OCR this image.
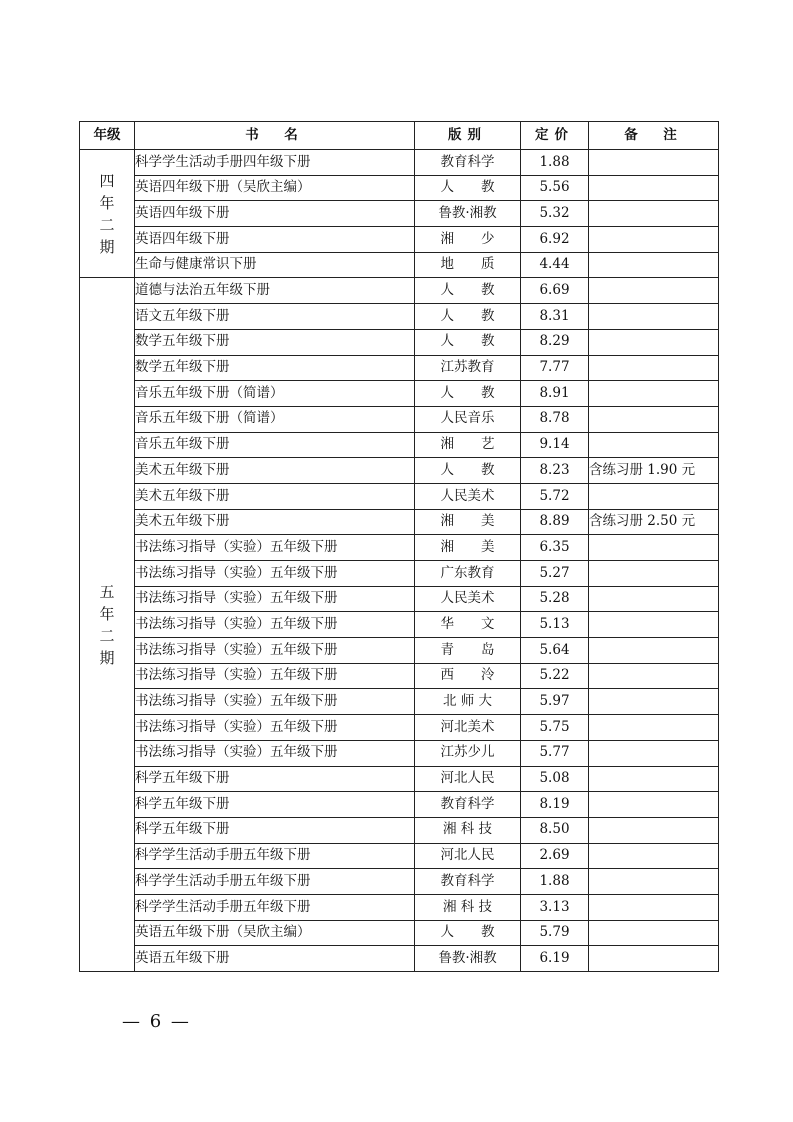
年级	书　名	版别	定价	备　注

四年二期	科学学生活动手册四年级下册	教育科学	1.88	
	英语四年级下册（吴欣主编）	人　　教	5.56	
	英语四年级下册	鲁教·湘教	5.32	
	英语四年级下册	湘　　少	6.92	
	生命与健康常识下册	地　　质	4.44	

五年二期	道德与法治五年级下册	人　　教	6.69	
	语文五年级下册	人　　教	8.31	
	数学五年级下册	人　　教	8.29	
	数学五年级下册	江苏教育	7.77	
	音乐五年级下册（简谱）	人　　教	8.91	
	音乐五年级下册（简谱）	人民音乐	8.78	
	音乐五年级下册	湘　　艺	9.14	
	美术五年级下册	人　　教	8.23	含练习册 1.90 元
	美术五年级下册	人民美术	5.72	
	美术五年级下册	湘　　美	8.89	含练习册 2.50 元
	书法练习指导（实验）五年级下册	湘　　美	6.35	
	书法练习指导（实验）五年级下册	广东教育	5.27	
	书法练习指导（实验）五年级下册	人民美术	5.28	
	书法练习指导（实验）五年级下册	华　　文	5.13	
	书法练习指导（实验）五年级下册	青　　岛	5.64	
	书法练习指导（实验）五年级下册	西　　泠	5.22	
	书法练习指导（实验）五年级下册	北 师 大	5.97	
	书法练习指导（实验）五年级下册	河北美术	5.75	
	书法练习指导（实验）五年级下册	江苏少儿	5.77	
	科学五年级下册	河北人民	5.08	
	科学五年级下册	教育科学	8.19	
	科学五年级下册	湘 科 技	8.50	
	科学学生活动手册五年级下册	河北人民	2.69	
	科学学生活动手册五年级下册	教育科学	1.88	
	科学学生活动手册五年级下册	湘 科 技	3.13	
	英语五年级下册（吴欣主编）	人　　教	5.79	
	英语五年级下册	鲁教·湘教	6.19	
— 6 —
